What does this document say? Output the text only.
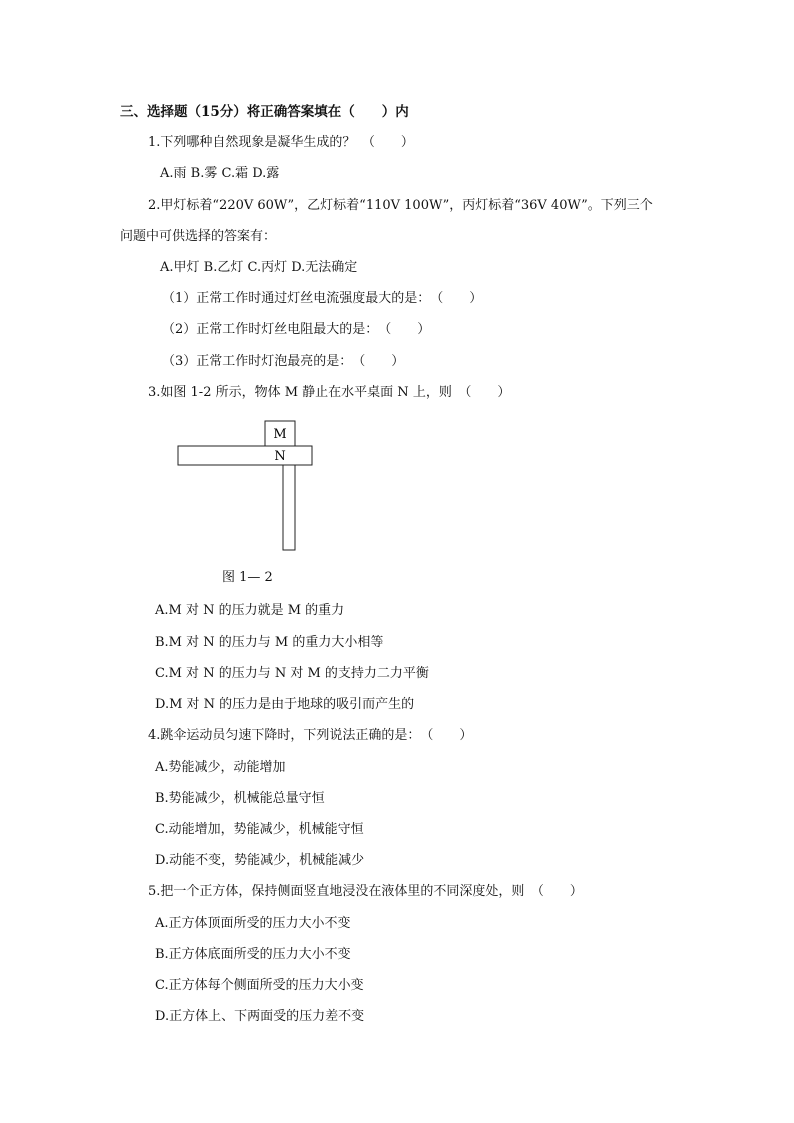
三、选择题（15分）将正确答案填在（　　）内
1.下列哪种自然现象是凝华生成的？　（　　）
A.雨 B.雾 C.霜 D.露
2.甲灯标着“220V 60W”，乙灯标着“110V 100W”，丙灯标着“36V 40W”。下列三个
问题中可供选择的答案有：
A.甲灯 B.乙灯 C.丙灯 D.无法确定
（1）正常工作时通过灯丝电流强度最大的是：　（　　）
（2）正常工作时灯丝电阻最大的是：　（　　）
（3）正常工作时灯泡最亮的是：　（　　）
3.如图 1-2 所示，物体 M 静止在水平桌面 N 上，则　（　　）
M
N
图 1— 2
A.M 对 N 的压力就是 M 的重力
B.M 对 N 的压力与 M 的重力大小相等
C.M 对 N 的压力与 N 对 M 的支持力二力平衡
D.M 对 N 的压力是由于地球的吸引而产生的
4.跳伞运动员匀速下降时，下列说法正确的是：　（　　）
A.势能减少，动能增加
B.势能减少，机械能总量守恒
C.动能增加，势能减少，机械能守恒
D.动能不变，势能减少，机械能减少
5.把一个正方体，保持侧面竖直地浸没在液体里的不同深度处，则　（　　）
A.正方体顶面所受的压力大小不变
B.正方体底面所受的压力大小不变
C.正方体每个侧面所受的压力大小变
D.正方体上、下两面受的压力差不变
